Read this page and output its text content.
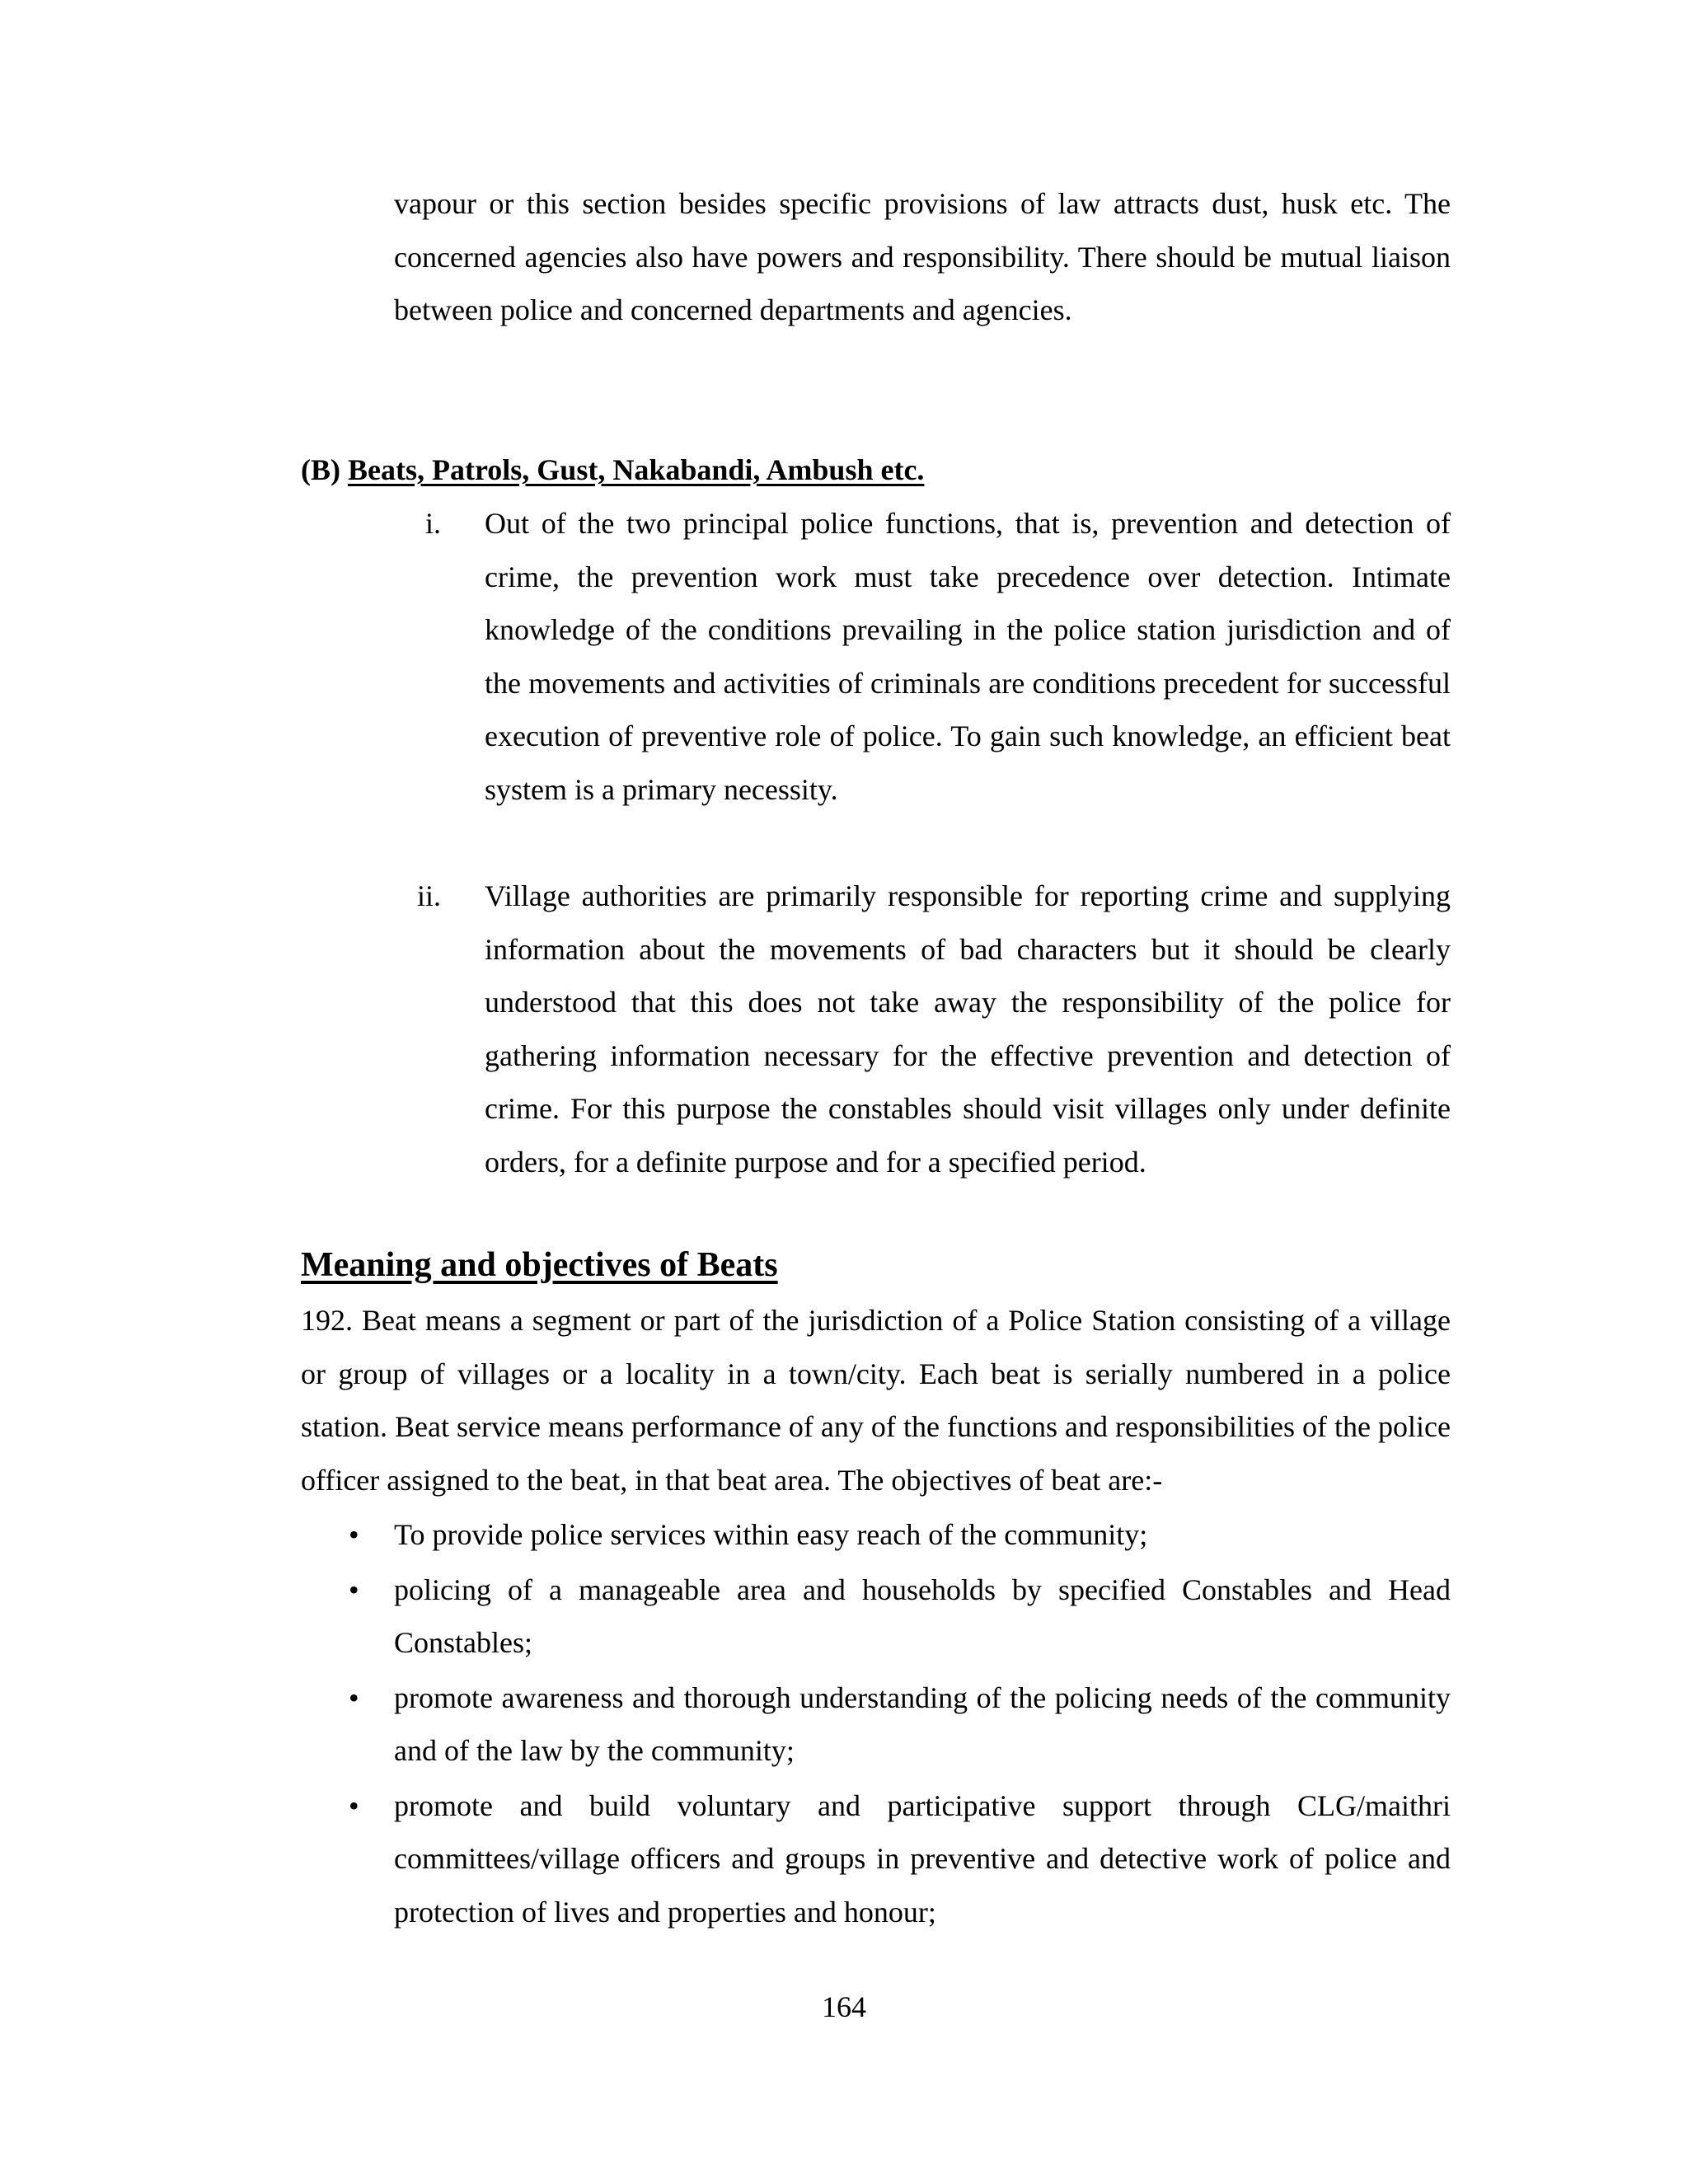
vapour or this section besides specific provisions of law attracts dust, husk etc. The concerned agencies also have powers and responsibility. There should be mutual liaison between police and concerned departments and agencies.

(B) Beats, Patrols, Gust, Nakabandi, Ambush etc.
i. Out of the two principal police functions, that is, prevention and detection of crime, the prevention work must take precedence over detection. Intimate knowledge of the conditions prevailing in the police station jurisdiction and of the movements and activities of criminals are conditions precedent for successful execution of preventive role of police. To gain such knowledge, an efficient beat system is a primary necessity.

ii. Village authorities are primarily responsible for reporting crime and supplying information about the movements of bad characters but it should be clearly understood that this does not take away the responsibility of the police for gathering information necessary for the effective prevention and detection of crime. For this purpose the constables should visit villages only under definite orders, for a definite purpose and for a specified period.

Meaning and objectives of Beats

192. Beat means a segment or part of the jurisdiction of a Police Station consisting of a village or group of villages or a locality in a town/city. Each beat is serially numbered in a police station. Beat service means performance of any of the functions and responsibilities of the police officer assigned to the beat, in that beat area. The objectives of beat are:-

• To provide police services within easy reach of the community;
• policing of a manageable area and households by specified Constables and Head Constables;
• promote awareness and thorough understanding of the policing needs of the community and of the law by the community;
• promote and build voluntary and participative support through CLG/maithri committees/village officers and groups in preventive and detective work of police and protection of lives and properties and honour;
164
